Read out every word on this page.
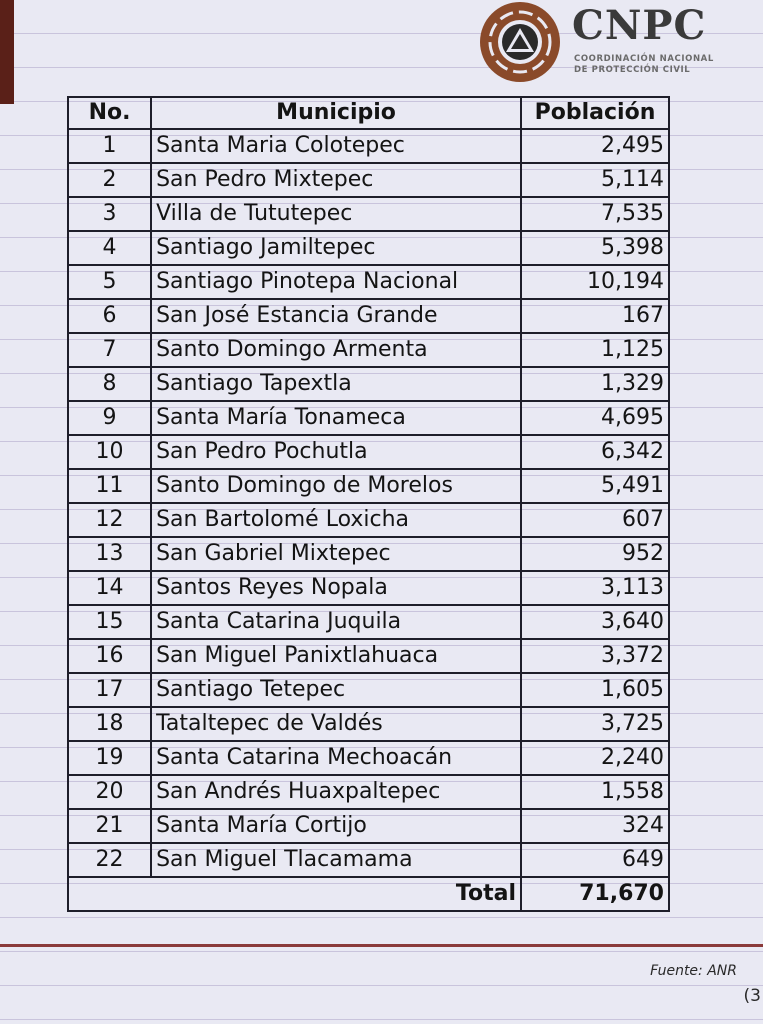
CNPC
COORDINACIÓN NACIONAL
DE PROTECCIÓN CIVIL
No.	Municipio	Población
1	Santa Maria Colotepec	2,495
2	San Pedro Mixtepec	5,114
3	Villa de Tututepec	7,535
4	Santiago Jamiltepec	5,398
5	Santiago Pinotepa Nacional	10,194
6	San José Estancia Grande	167
7	Santo Domingo Armenta	1,125
8	Santiago Tapextla	1,329
9	Santa María Tonameca	4,695
10	San Pedro Pochutla	6,342
11	Santo Domingo de Morelos	5,491
12	San Bartolomé Loxicha	607
13	San Gabriel Mixtepec	952
14	Santos Reyes Nopala	3,113
15	Santa Catarina Juquila	3,640
16	San Miguel Panixtlahuaca	3,372
17	Santiago Tetepec	1,605
18	Tataltepec de Valdés	3,725
19	Santa Catarina Mechoacán	2,240
20	San Andrés Huaxpaltepec	1,558
21	Santa María Cortijo	324
22	San Miguel Tlacamama	649
Total		71,670
Fuente: ANR
(3
